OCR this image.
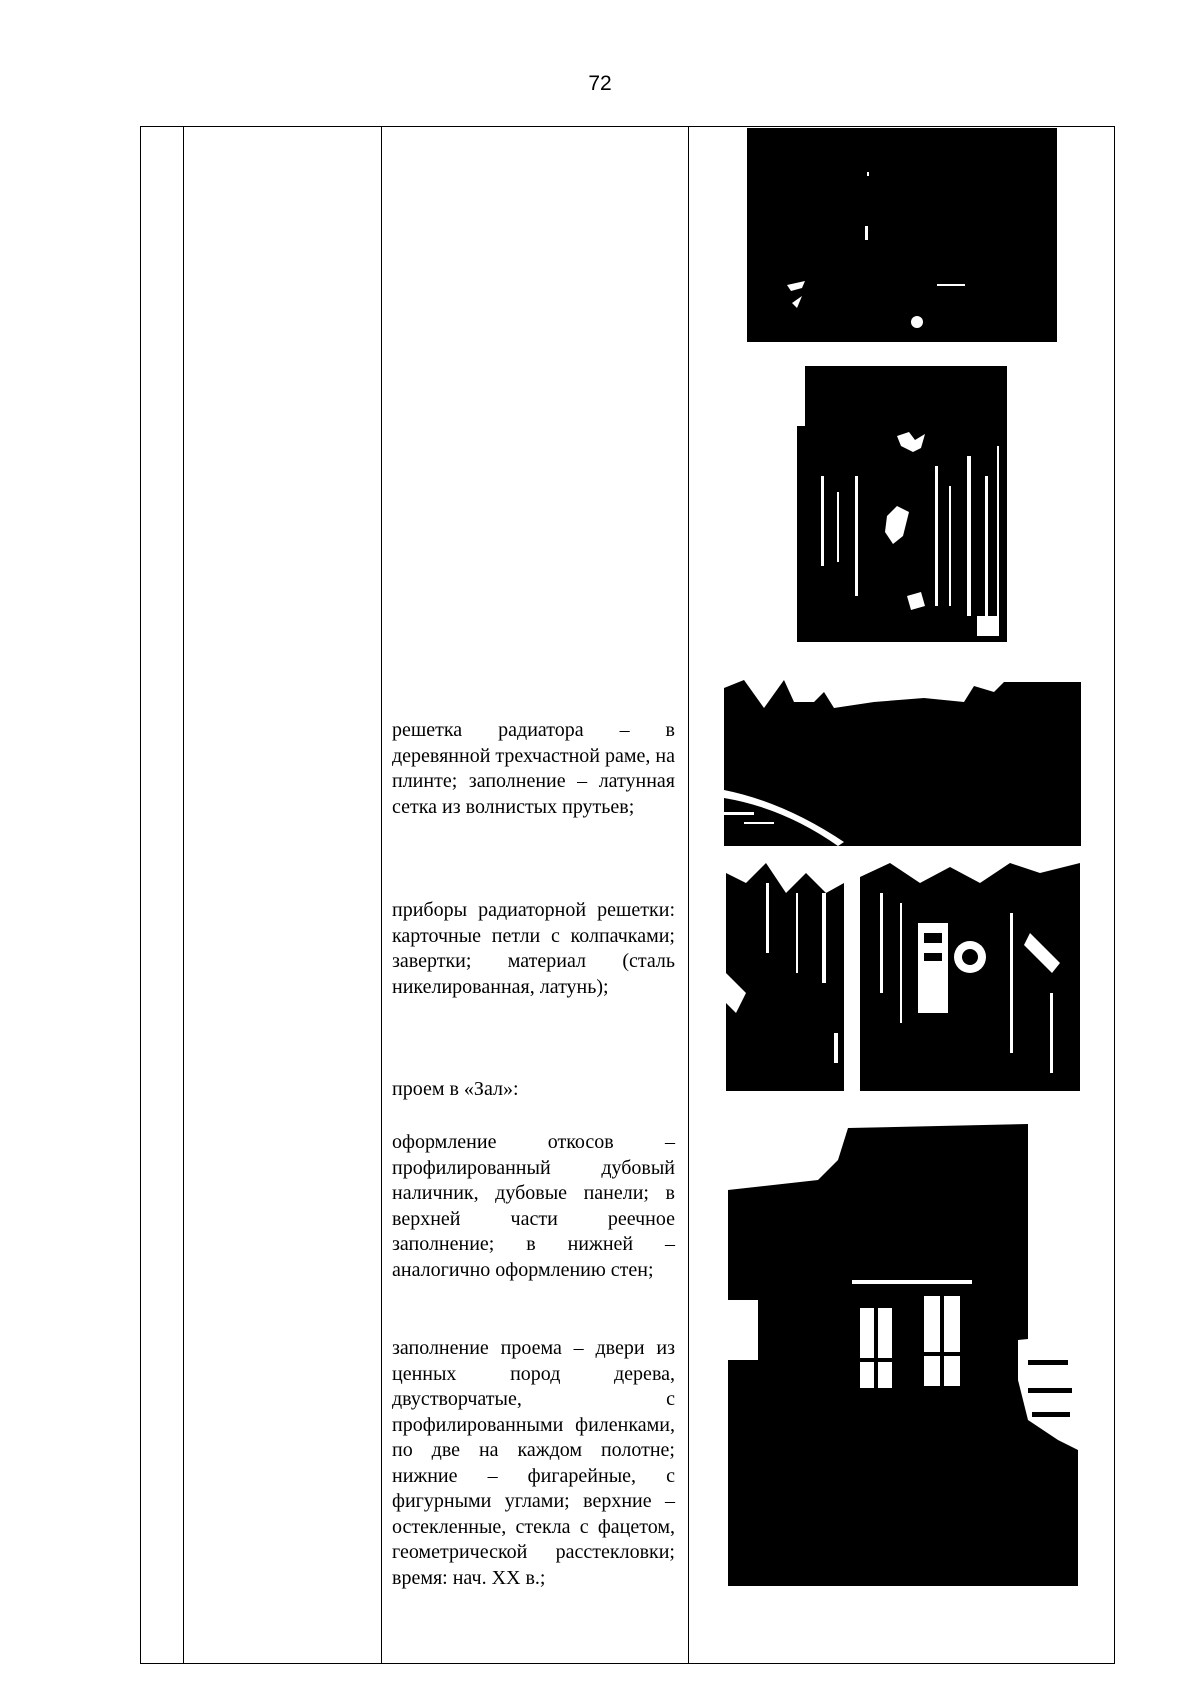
72

решетка радиатора – в деревянной трехчастной раме, на плинте; заполнение – латунная сетка из волнистых прутьев;

приборы радиаторной решетки: карточные петли с колпачками; завертки; материал (сталь никелированная, латунь);

проем в «Зал»:

оформление откосов – профилированный дубовый наличник, дубовые панели; в верхней части реечное заполнение; в нижней – аналогично оформлению стен;

заполнение проема – двери из ценных пород дерева, двустворчатые, с профилированными филенками, по две на каждом полотне; нижние – фигарейные, с фигурными углами; верхние – остекленные, стекла с фацетом, геометрической расстекловки; время: нач. ХХ в.;
